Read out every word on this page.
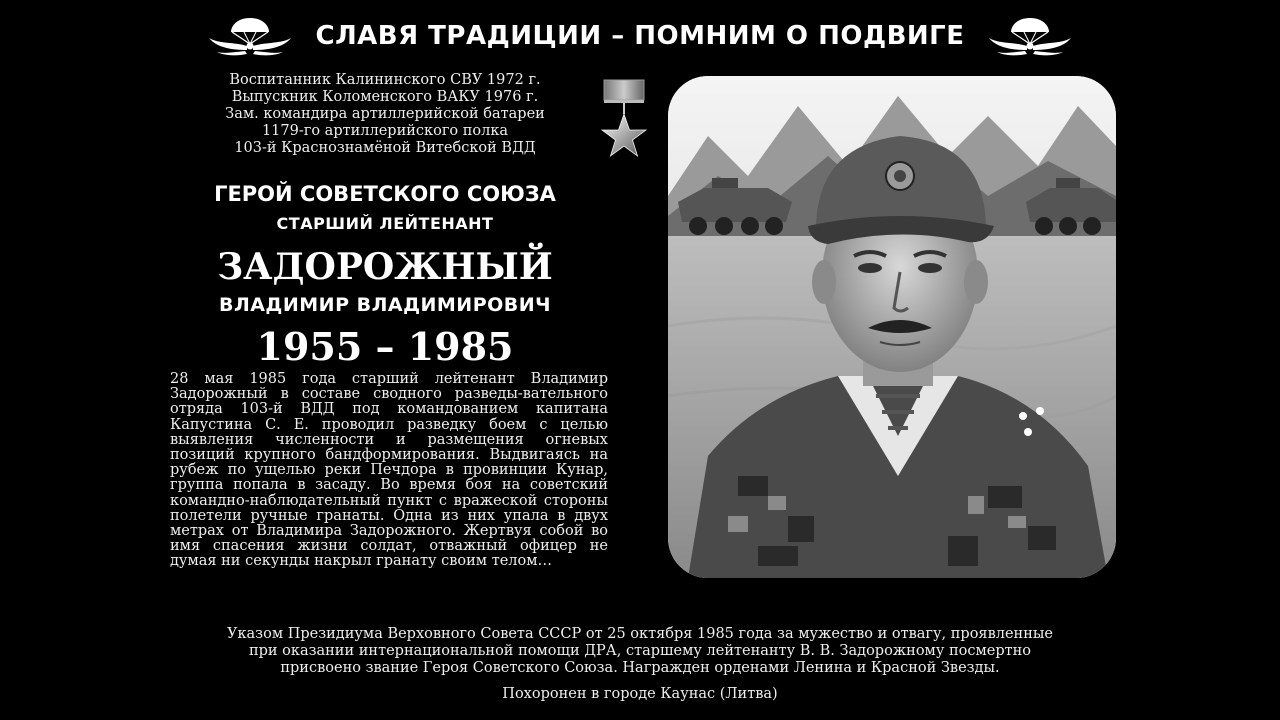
СЛАВЯ ТРАДИЦИИ – ПОМНИМ О ПОДВИГЕ
Воспитанник Калининского СВУ 1972 г.
Выпускник Коломенского ВАКУ 1976 г.
Зам. командира артиллерийской батареи
1179-го артиллерийского полка
103-й Краснознамёной Витебской ВДД
ГЕРОЙ СОВЕТСКОГО СОЮЗА
СТАРШИЙ ЛЕЙТЕНАНТ
ЗАДОРОЖНЫЙ
ВЛАДИМИР ВЛАДИМИРОВИЧ
1955 – 1985
28 мая 1985 года старший лейтенант Владимир Задорожный в составе сводного разведы-вательного отряда 103-й ВДД под командованием капитана Капустина С. Е. проводил разведку боем с целью выявления численности и размещения огневых позиций крупного бандформирования. Выдвигаясь на рубеж по ущелью реки Печдора в провинции Кунар, группа попала в засаду. Во время боя на советский командно-наблюдательный пункт с вражеской стороны полетели ручные гранаты. Одна из них упала в двух метрах от Владимира Задорожного. Жертвуя собой во имя спасения жизни солдат, отважный офицер не думая ни секунды накрыл гранату своим телом…
Указом Президиума Верховного Совета СССР от 25 октября 1985 года за мужество и отвагу, проявленные
при оказании интернациональной помощи ДРА, старшему лейтенанту В. В. Задорожному посмертно
присвоено звание Героя Советского Союза. Награжден орденами Ленина и Красной Звезды.
Похоронен в городе Каунас (Литва)
